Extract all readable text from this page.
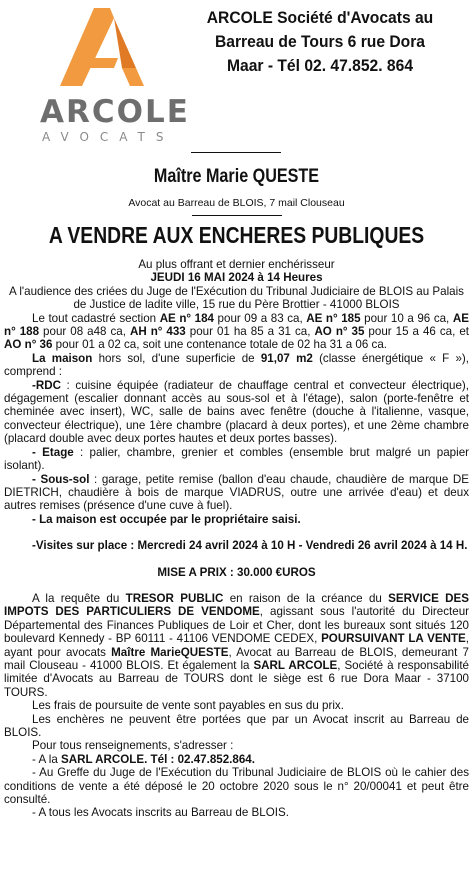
ARCOLE
AVOCATS
ARCOLE Société d'Avocats au
Barreau de Tours 6 rue Dora
Maar - Tél 02. 47.852. 864
Maître Marie QUESTE
Avocat au Barreau de BLOIS, 7 mail Clouseau
A VENDRE AUX ENCHERES PUBLIQUES

Au plus offrant et dernier enchérisseur

JEUDI 16 MAI 2024 à 14 Heures

A l'audience des criées du Juge de l'Exécution du Tribunal Judiciaire de BLOIS au Palais de Justice de ladite ville, 15 rue du Père Brottier - 41000 BLOIS

Le tout cadastré section AE n° 184 pour 09 a 83 ca, AE n° 185 pour 10 a 96 ca, AE n° 188 pour 08 a48 ca, AH n° 433 pour 01 ha 85 a 31 ca, AO n° 35 pour 15 a 46 ca, et AO n° 36 pour 01 a 02 ca, soit une contenance totale de 02 ha 31 a 06 ca.

La maison hors sol, d'une superficie de 91,07 m2 (classe énergétique « F »), comprend :

-RDC : cuisine équipée (radiateur de chauffage central et convecteur électrique), dégagement (escalier donnant accès au sous-sol et à l'étage), salon (porte-fenêtre et cheminée avec insert), WC, salle de bains avec fenêtre (douche à l'italienne, vasque, convecteur électrique), une 1ère chambre (placard à deux portes), et une 2ème chambre (placard double avec deux portes hautes et deux portes basses).

- Etage : palier, chambre, grenier et combles (ensemble brut malgré un papier isolant).

- Sous-sol : garage, petite remise (ballon d'eau chaude, chaudière de marque DE DIETRICH, chaudière à bois de marque VIADRUS, outre une arrivée d'eau) et deux autres remises (présence d'une cuve à fuel).

- La maison est occupée par le propriétaire saisi.

-Visites sur place : Mercredi 24 avril 2024 à 10 H - Vendredi 26 avril 2024 à 14 H.

MISE A PRIX : 30.000 €UROS

A la requête du TRESOR PUBLIC en raison de la créance du SERVICE DES IMPOTS DES PARTICULIERS DE VENDOME, agissant sous l'autorité du Directeur Départemental des Finances Publiques de Loir et Cher, dont les bureaux sont situés 120 boulevard Kennedy - BP 60111 - 41106 VENDOME CEDEX, POURSUIVANT LA VENTE, ayant pour avocats Maître MarieQUESTE, Avocat au Barreau de BLOIS, demeurant 7 mail Clouseau - 41000 BLOIS. Et également la SARL ARCOLE, Société à responsabilité limitée d'Avocats au Barreau de TOURS dont le siège est 6 rue Dora Maar - 37100 TOURS.

Les frais de poursuite de vente sont payables en sus du prix.

Les enchères ne peuvent être portées que par un Avocat inscrit au Barreau de BLOIS.

Pour tous renseignements, s'adresser :

- A la SARL ARCOLE. Tél : 02.47.852.864.

- Au Greffe du Juge de l'Exécution du Tribunal Judiciaire de BLOIS où le cahier des conditions de vente a été déposé le 20 octobre 2020 sous le n° 20/00041 et peut être consulté.

- A tous les Avocats inscrits au Barreau de BLOIS.
